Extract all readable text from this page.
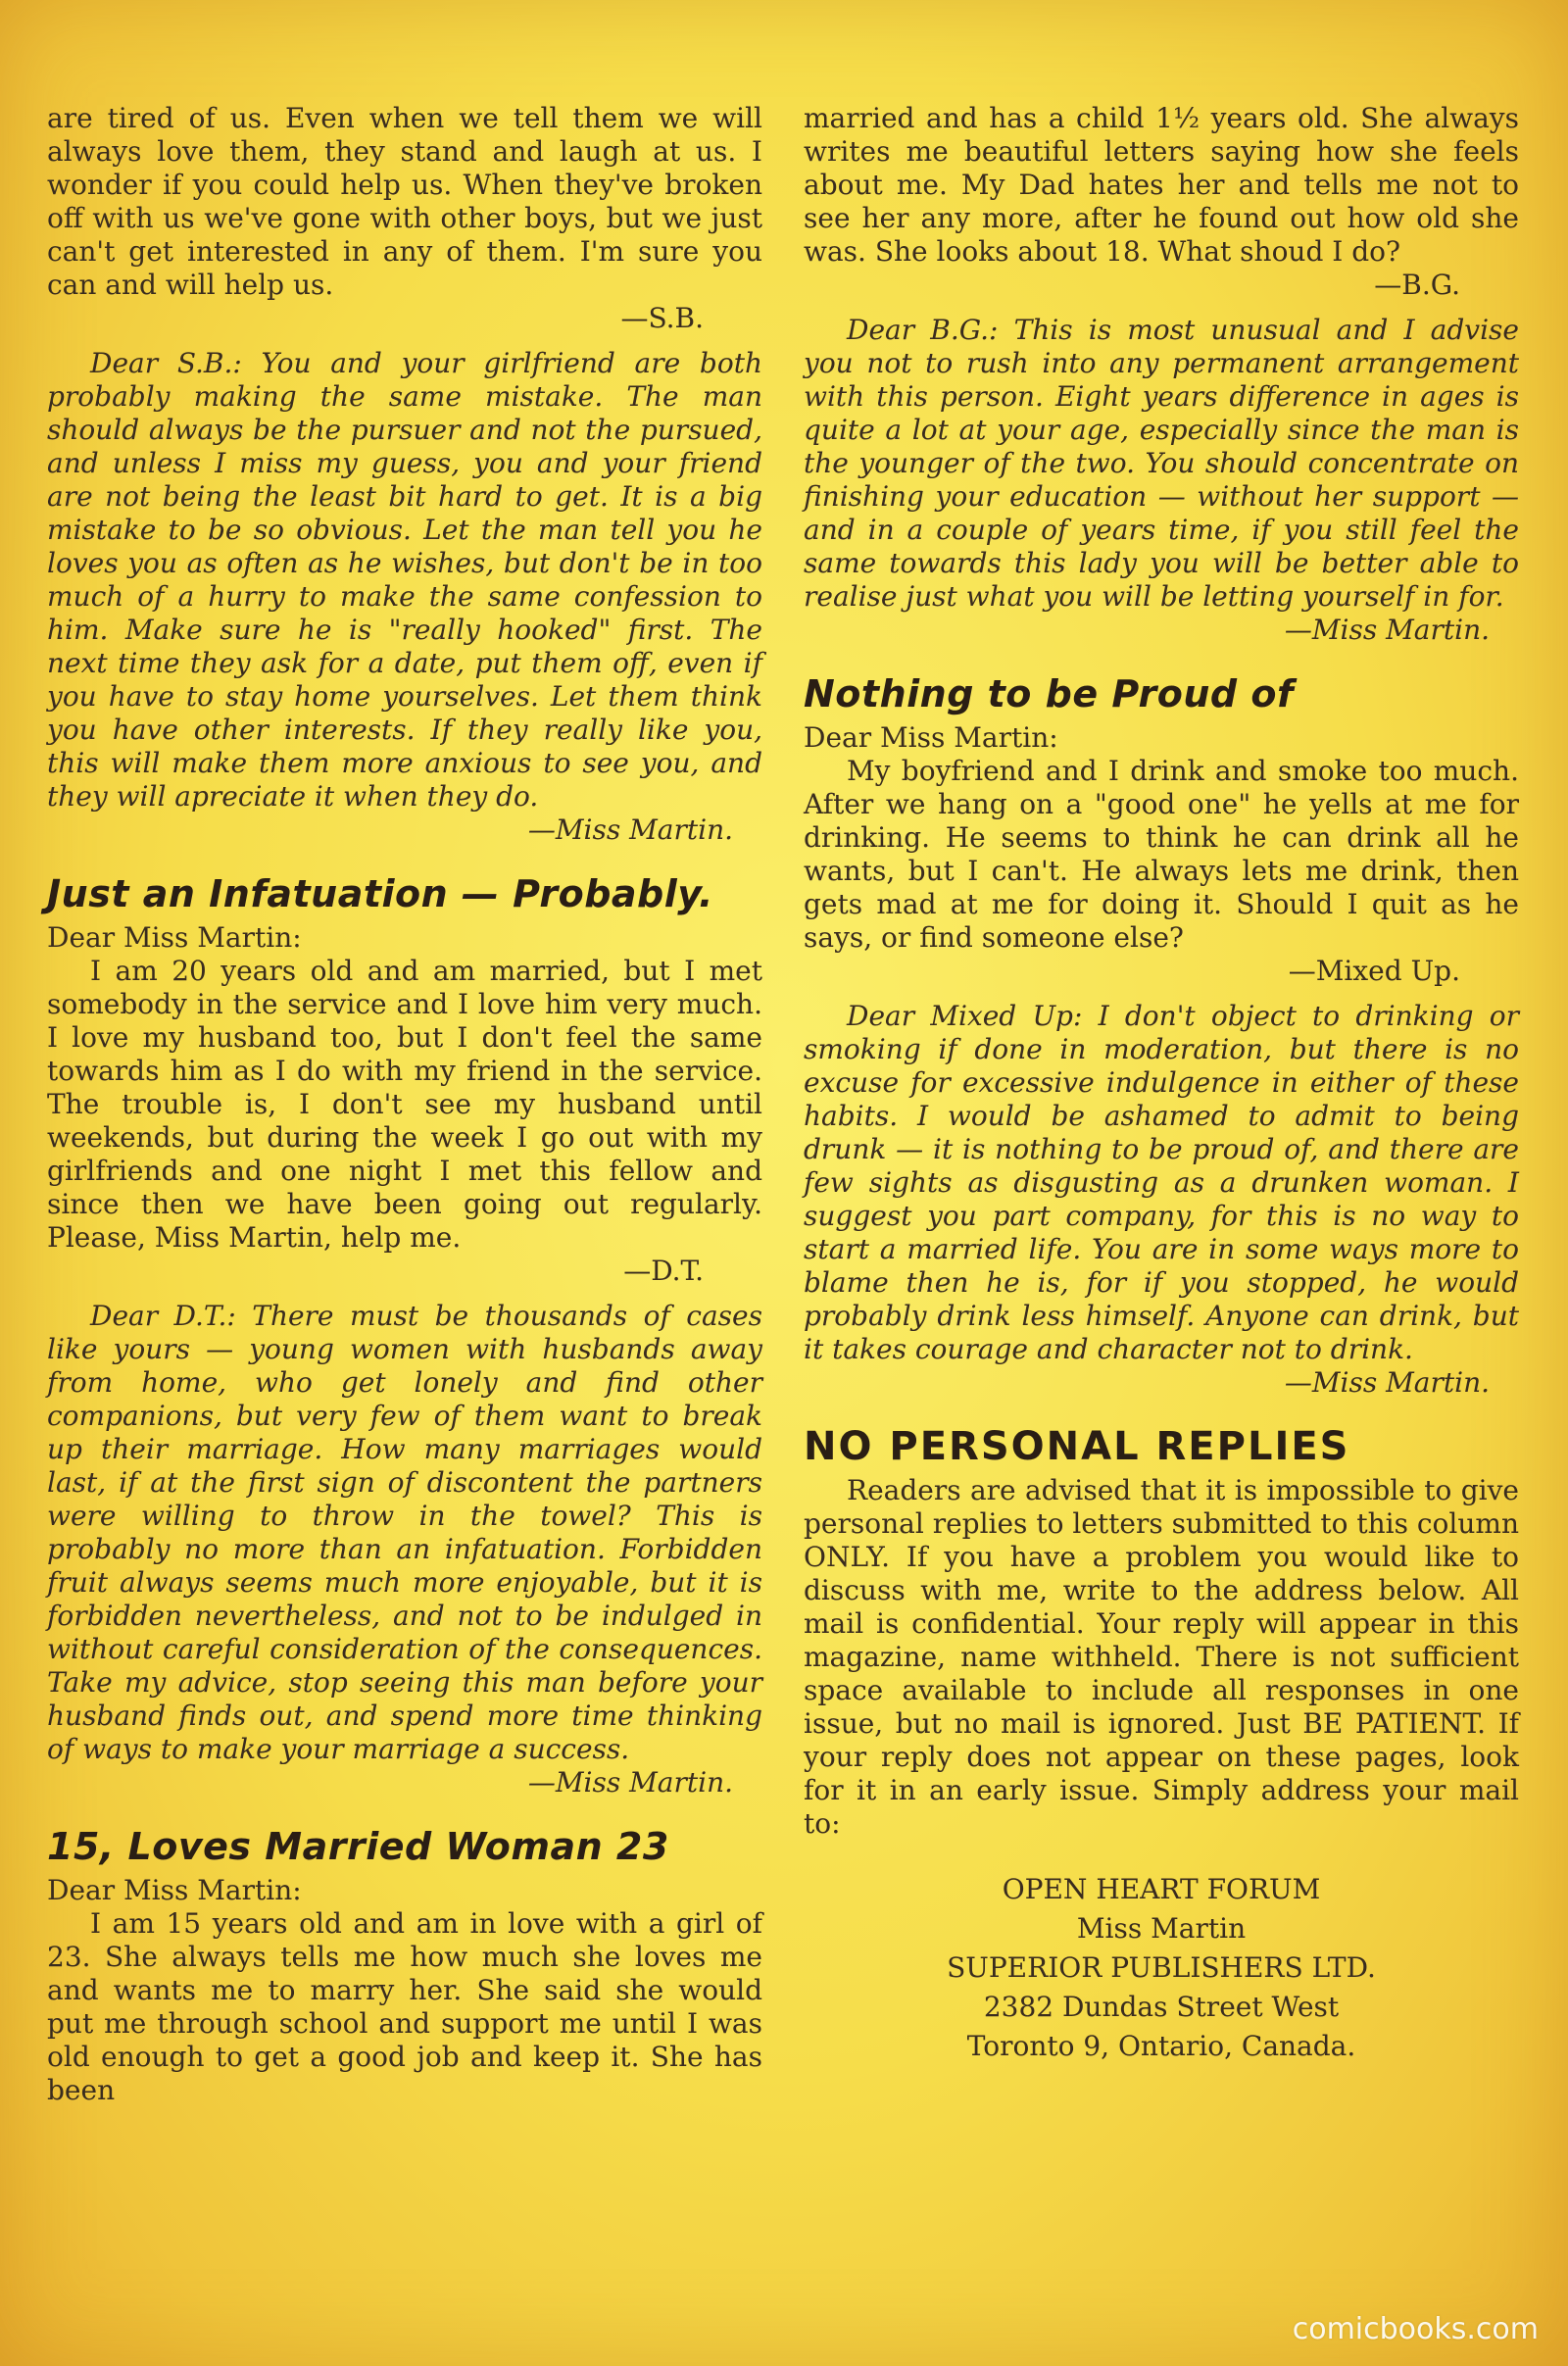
are tired of us. Even when we tell them we will always love them, they stand and laugh at us. I wonder if you could help us. When they've broken off with us we've gone with other boys, but we just can't get interested in any of them. I'm sure you can and will help us.

—S.B.

Dear S.B.: You and your girlfriend are both probably making the same mistake. The man should always be the pursuer and not the pursued, and unless I miss my guess, you and your friend are not being the least bit hard to get. It is a big mistake to be so obvious. Let the man tell you he loves you as often as he wishes, but don't be in too much of a hurry to make the same confession to him. Make sure he is "really hooked" first. The next time they ask for a date, put them off, even if you have to stay home yourselves. Let them think you have other interests. If they really like you, this will make them more anxious to see you, and they will apreciate it when they do.

—Miss Martin.

Just an Infatuation — Probably.

Dear Miss Martin:

I am 20 years old and am married, but I met somebody in the service and I love him very much. I love my husband too, but I don't feel the same towards him as I do with my friend in the service. The trouble is, I don't see my husband until weekends, but during the week I go out with my girlfriends and one night I met this fellow and since then we have been going out regularly. Please, Miss Martin, help me.

—D.T.

Dear D.T.: There must be thousands of cases like yours — young women with husbands away from home, who get lonely and find other companions, but very few of them want to break up their marriage. How many marriages would last, if at the first sign of discontent the partners were willing to throw in the towel? This is probably no more than an infatuation. Forbidden fruit always seems much more enjoyable, but it is forbidden nevertheless, and not to be indulged in without careful consideration of the consequences. Take my advice, stop seeing this man before your husband finds out, and spend more time thinking of ways to make your marriage a success.

—Miss Martin.

15, Loves Married Woman 23

Dear Miss Martin:

I am 15 years old and am in love with a girl of 23. She always tells me how much she loves me and wants me to marry her. She said she would put me through school and support me until I was old enough to get a good job and keep it. She has been

married and has a child 1½ years old. She always writes me beautiful letters saying how she feels about me. My Dad hates her and tells me not to see her any more, after he found out how old she was. She looks about 18. What shoud I do?

—B.G.

Dear B.G.: This is most unusual and I advise you not to rush into any permanent arrangement with this person. Eight years difference in ages is quite a lot at your age, especially since the man is the younger of the two. You should concentrate on finishing your education — without her support — and in a couple of years time, if you still feel the same towards this lady you will be better able to realise just what you will be letting yourself in for.

—Miss Martin.

Nothing to be Proud of

Dear Miss Martin:

My boyfriend and I drink and smoke too much. After we hang on a "good one" he yells at me for drinking. He seems to think he can drink all he wants, but I can't. He always lets me drink, then gets mad at me for doing it. Should I quit as he says, or find someone else?

—Mixed Up.

Dear Mixed Up: I don't object to drinking or smoking if done in moderation, but there is no excuse for excessive indulgence in either of these habits. I would be ashamed to admit to being drunk — it is nothing to be proud of, and there are few sights as disgusting as a drunken woman. I suggest you part company, for this is no way to start a married life. You are in some ways more to blame then he is, for if you stopped, he would probably drink less himself. Anyone can drink, but it takes courage and character not to drink.

—Miss Martin.

NO PERSONAL REPLIES

Readers are advised that it is impossible to give personal replies to letters submitted to this column ONLY. If you have a problem you would like to discuss with me, write to the address below. All mail is confidential. Your reply will appear in this magazine, name withheld. There is not sufficient space available to include all responses in one issue, but no mail is ignored. Just BE PATIENT. If your reply does not appear on these pages, look for it in an early issue. Simply address your mail to:

OPEN HEART FORUM
Miss Martin
SUPERIOR PUBLISHERS LTD.
2382 Dundas Street West
Toronto 9, Ontario, Canada.
comicbooks.com
